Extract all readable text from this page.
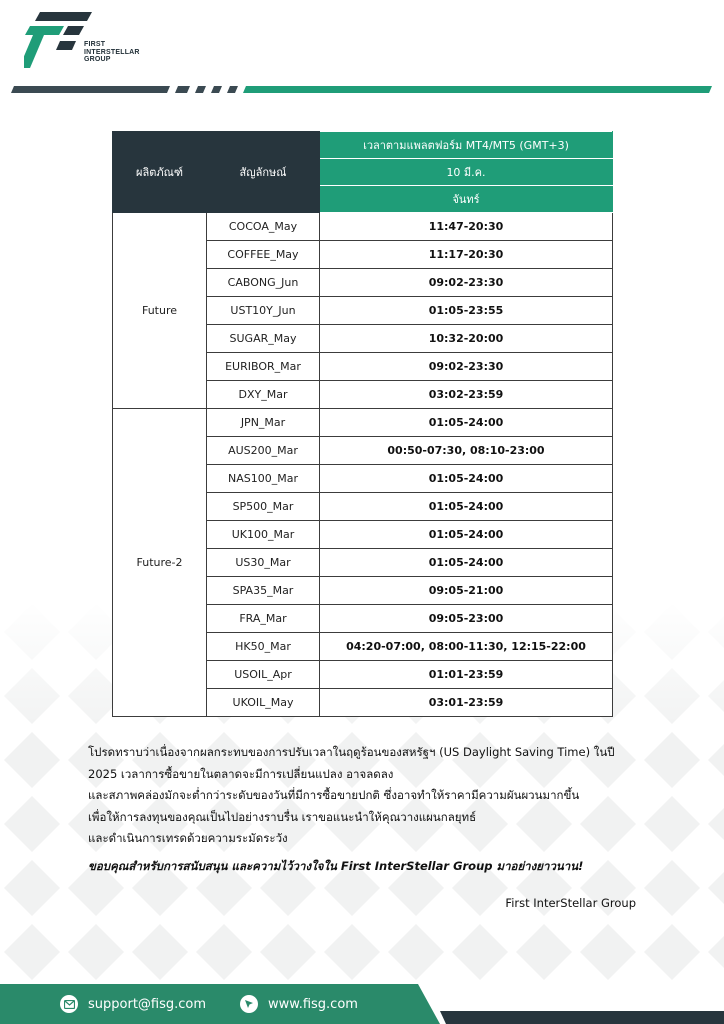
FIRST
INTERSTELLAR
GROUP
ผลิตภัณฑ์	สัญลักษณ์	เวลาตามแพลตฟอร์ม MT4/MT5 (GMT+3)
		10 มี.ค.
		จันทร์
Future	COCOA_May	11:47-20:30
	COFFEE_May	11:17-20:30
	CABONG_Jun	09:02-23:30
	UST10Y_Jun	01:05-23:55
	SUGAR_May	10:32-20:00
	EURIBOR_Mar	09:02-23:30
	DXY_Mar	03:02-23:59
Future-2	JPN_Mar	01:05-24:00
	AUS200_Mar	00:50-07:30, 08:10-23:00
	NAS100_Mar	01:05-24:00
	SP500_Mar	01:05-24:00
	UK100_Mar	01:05-24:00
	US30_Mar	01:05-24:00
	SPA35_Mar	09:05-21:00
	FRA_Mar	09:05-23:00
	HK50_Mar	04:20-07:00, 08:00-11:30, 12:15-22:00
	USOIL_Apr	01:01-23:59
	UKOIL_May	03:01-23:59

โปรดทราบว่าเนื่องจากผลกระทบของการปรับเวลาในฤดูร้อนของสหรัฐฯ (US Daylight Saving Time) ในปี

2025 เวลาการซื้อขายในตลาดจะมีการเปลี่ยนแปลง อาจลดลง

และสภาพคล่องมักจะต่ำกว่าระดับของวันที่มีการซื้อขายปกติ ซึ่งอาจทำให้ราคามีความผันผวนมากขึ้น

เพื่อให้การลงทุนของคุณเป็นไปอย่างราบรื่น เราขอแนะนำให้คุณวางแผนกลยุทธ์

และดำเนินการเทรดด้วยความระมัดระวัง

ขอบคุณสำหรับการสนับสนุน และความไว้วางใจใน First InterStellar Group มาอย่างยาวนาน!
First InterStellar Group
support@fisg.com	www.fisg.com
